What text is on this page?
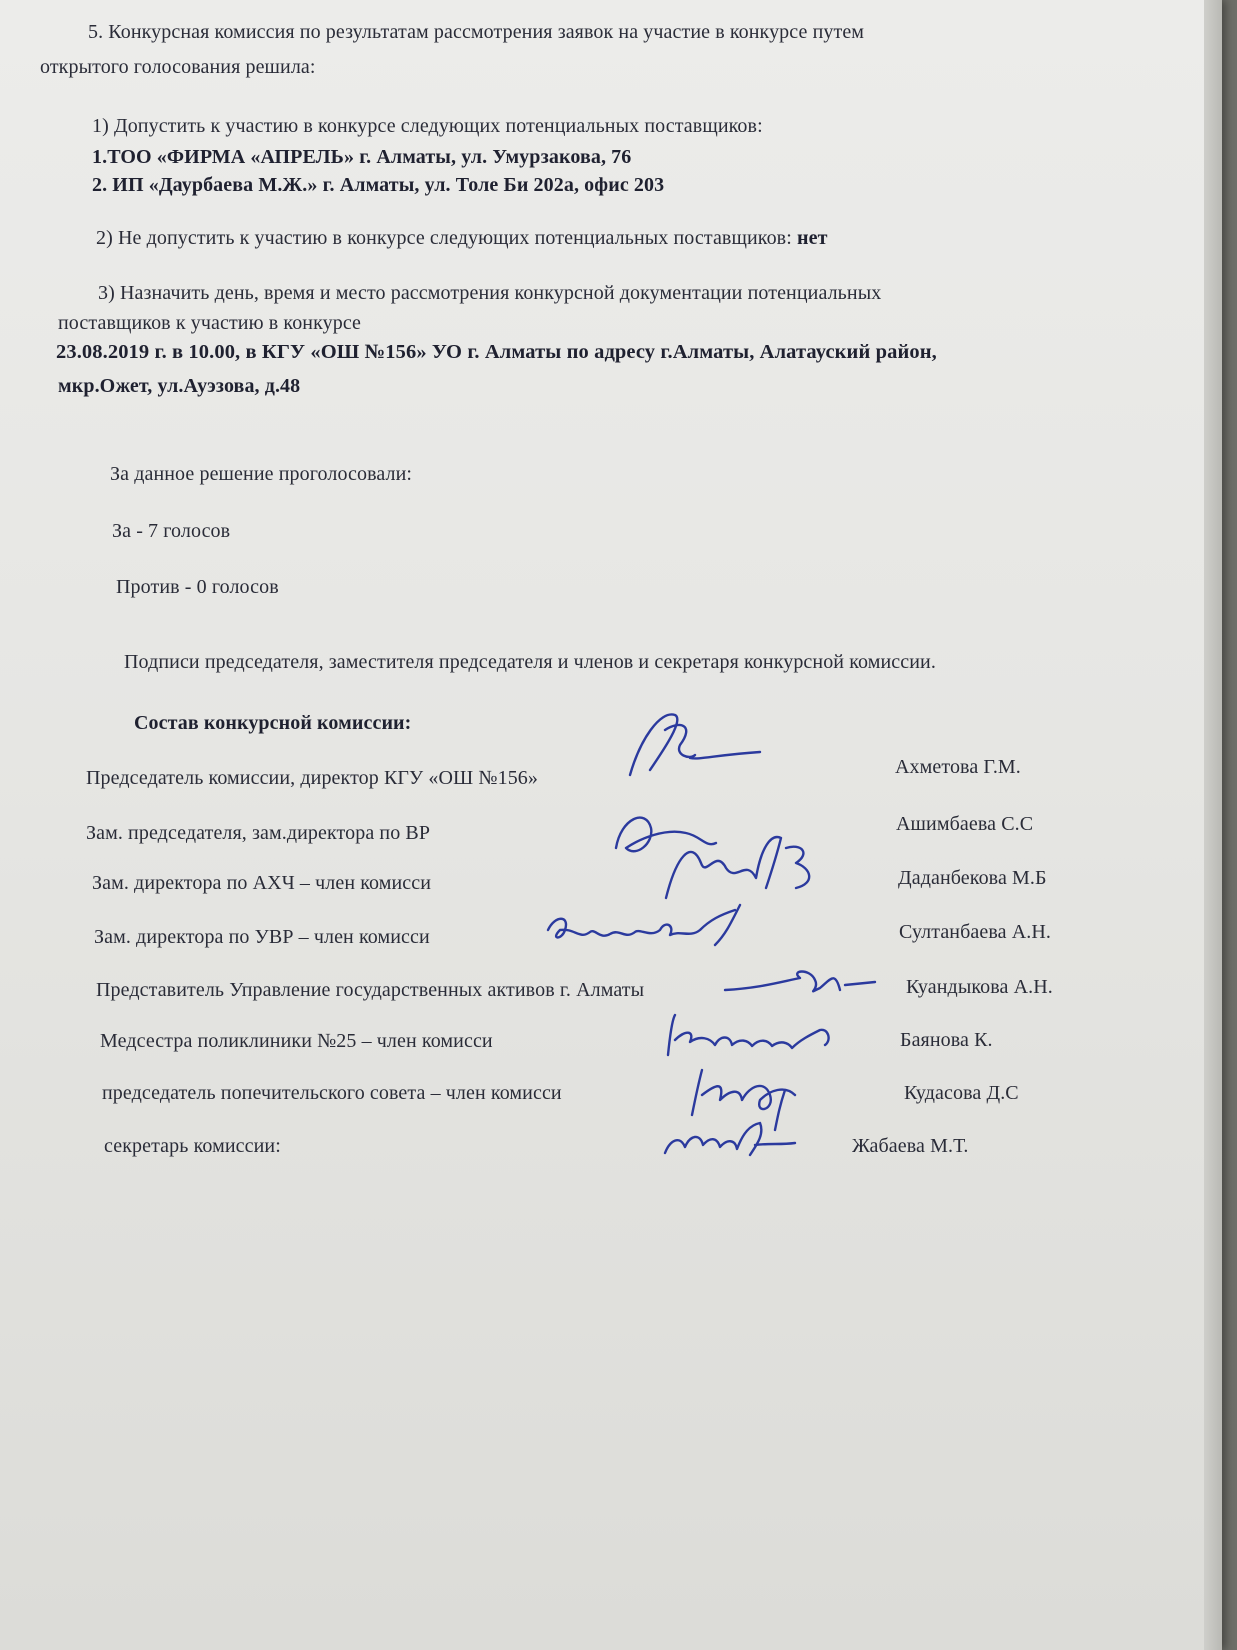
5. Конкурсная комиссия по результатам рассмотрения заявок на участие в конкурсе путем
открытого голосования решила:
1) Допустить к участию в конкурсе следующих потенциальных поставщиков:
1.ТОО «ФИРМА «АПРЕЛЬ» г. Алматы, ул. Умурзакова, 76
2. ИП «Даурбаева М.Ж.» г. Алматы, ул. Толе Би 202а, офис 203
2) Не допустить к участию в конкурсе следующих потенциальных поставщиков: нет
3) Назначить день, время и место рассмотрения конкурсной документации потенциальных
поставщиков к участию в конкурсе
23.08.2019 г. в 10.00, в КГУ «ОШ №156» УО г. Алматы по адресу г.Алматы, Алатауский район,
мкр.Ожет, ул.Ауэзова, д.48
За данное решение проголосовали:
За - 7 голосов
Против - 0 голосов
Подписи председателя, заместителя председателя и членов и секретаря конкурсной комиссии.
Состав конкурсной комиссии:
Председатель комиссии, директор КГУ «ОШ №156»	Ахметова Г.М.
Зам. председателя, зам.директора по ВР	Ашимбаева С.С
Зам. директора по АХЧ – член комисси	Даданбекова М.Б
Зам. директора по УВР – член комисси	Султанбаева А.Н.
Представитель Управление государственных активов г. Алматы	Куандыкова А.Н.
Медсестра поликлиники №25 – член комисси	Баянова К.
председатель попечительского совета – член комисси	Кудасова Д.С
секретарь комиссии:	Жабаева М.Т.
